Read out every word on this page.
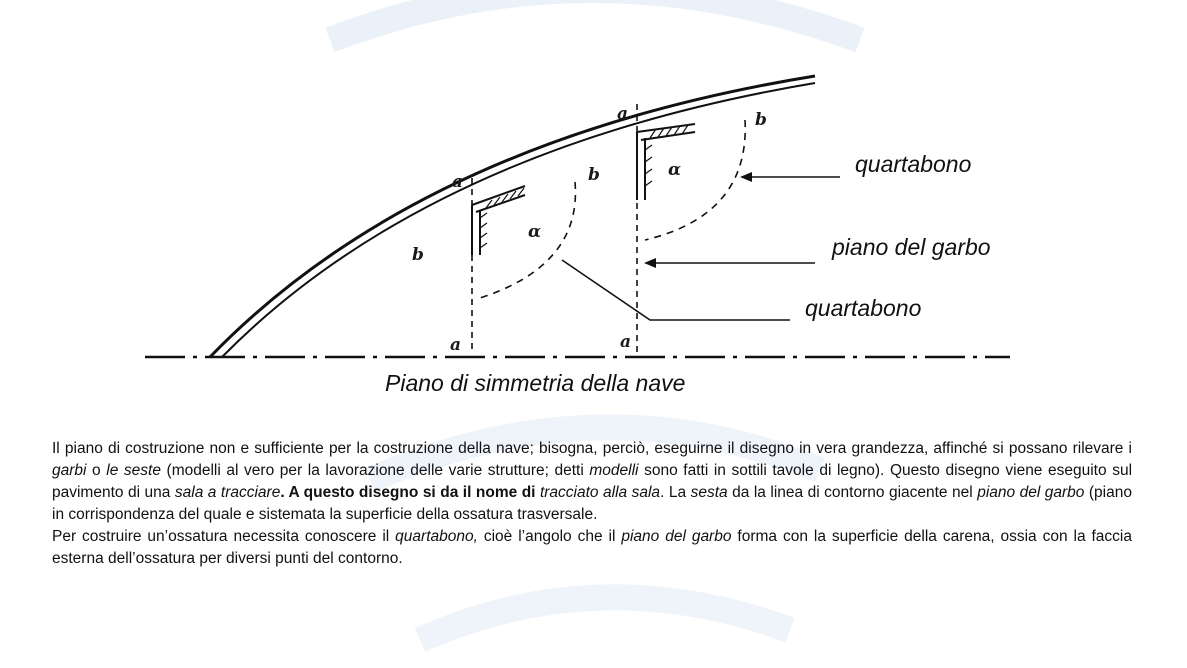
a
a
a	a
b
b
b
α
α	quartabono
piano del garbo
quartabono
Piano di simmetria della nave

Il piano di costruzione non e sufficiente per la costruzione della nave; bisogna, perciò, eseguirne il disegno in vera grandezza, affinché si possano rilevare i garbi o le seste (modelli al vero per la lavorazione delle varie strutture; detti modelli sono fatti in sottili tavole di legno). Questo disegno viene eseguito sul pavimento di una sala a tracciare. A questo disegno si da il nome di tracciato alla sala. La sesta da la linea di contorno giacente nel piano del garbo (piano in corrispondenza del quale e sistemata la superficie della ossatura trasversale.

Per costruire un’ossatura necessita conoscere il quartabono, cioè l’angolo che il piano del garbo forma con la superficie della carena, ossia con la faccia esterna dell’ossatura per diversi punti del contorno.
